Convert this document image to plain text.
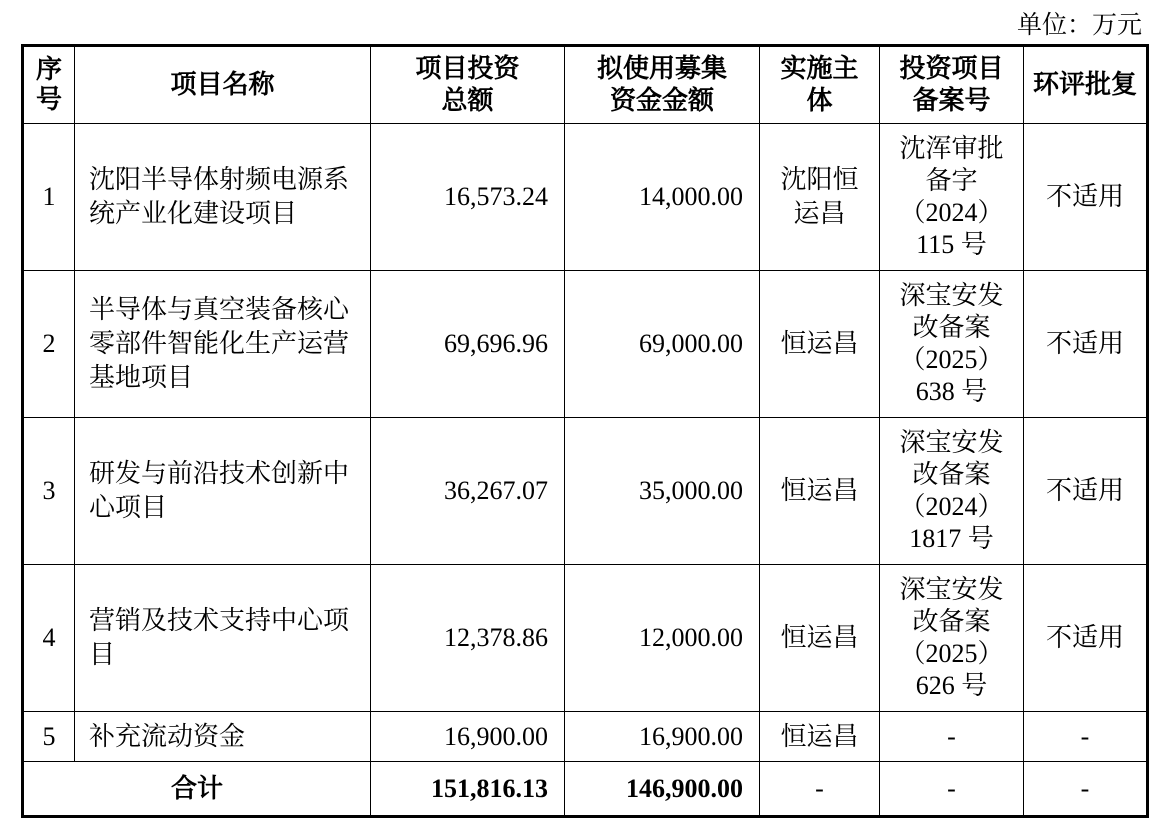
单位：万元
序号	项目名称	项目投资总额	拟使用募集资金金额	实施主体	投资项目备案号	环评批复
1	沈阳半导体射频电源系统产业化建设项目	16,573.24	14,000.00	沈阳恒运昌	沈浑审批备字（2024）115 号	不适用
2	半导体与真空装备核心零部件智能化生产运营基地项目	69,696.96	69,000.00	恒运昌	深宝安发改备案（2025）638 号	不适用
3	研发与前沿技术创新中心项目	36,267.07	35,000.00	恒运昌	深宝安发改备案（2024）1817 号	不适用
4	营销及技术支持中心项目	12,378.86	12,000.00	恒运昌	深宝安发改备案（2025）626 号	不适用
5	补充流动资金	16,900.00	16,900.00	恒运昌	-	-
合计		151,816.13	146,900.00	-	-	-
